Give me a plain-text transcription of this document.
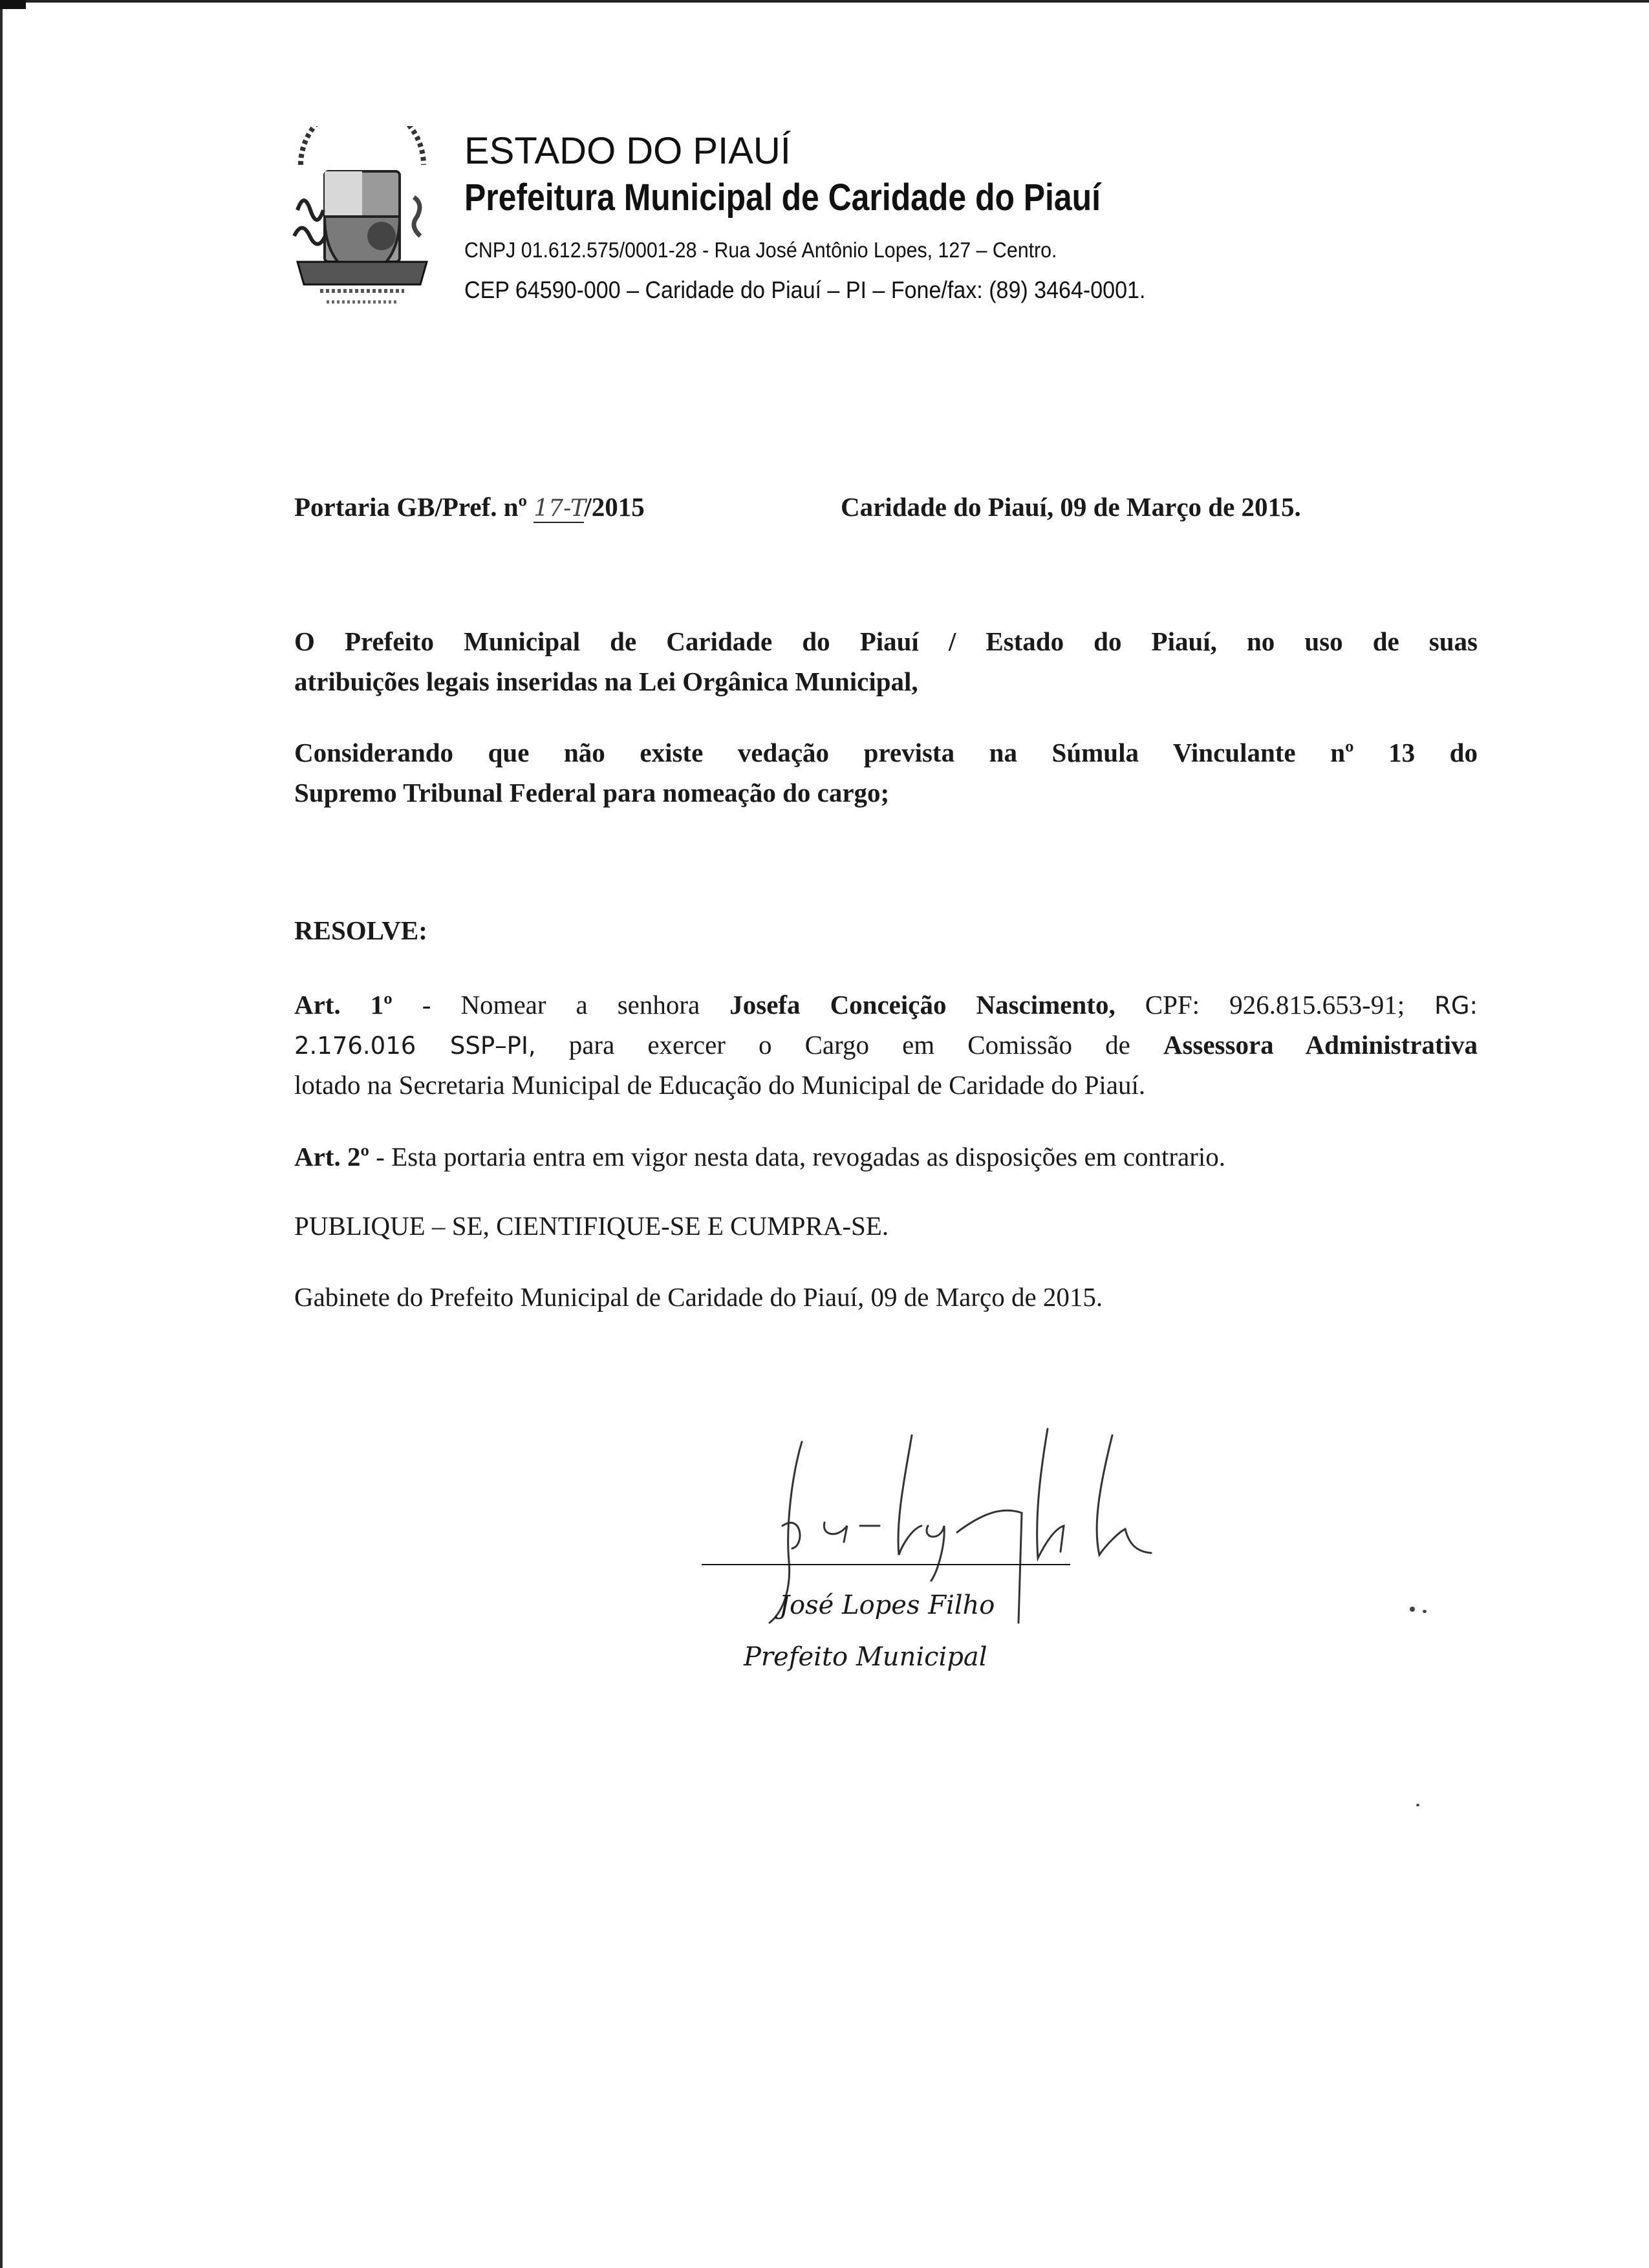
ESTADO DO PIAUÍ
Prefeitura Municipal de Caridade do Piauí
CNPJ 01.612.575/0001-28 - Rua José Antônio Lopes, 127 – Centro.
CEP 64590-000 – Caridade do Piauí – PI – Fone/fax: (89) 3464-0001.
Portaria GB/Pref. nº 17-T/2015	Caridade do Piauí, 09 de Março de 2015.
O Prefeito Municipal de Caridade do Piauí / Estado do Piauí, no uso de suas
atribuições legais inseridas na Lei Orgânica Municipal,
Considerando que não existe vedação prevista na Súmula Vinculante nº 13 do
Supremo Tribunal Federal para nomeação do cargo;
RESOLVE:
Art. 1º - Nomear a senhora Josefa Conceição Nascimento, CPF: 926.815.653-91; RG:
2.176.016 SSP–PI, para exercer o Cargo em Comissão de Assessora Administrativa
lotado na Secretaria Municipal de Educação do Municipal de Caridade do Piauí.
Art. 2º - Esta portaria entra em vigor nesta data, revogadas as disposições em contrario.
PUBLIQUE – SE, CIENTIFIQUE-SE E CUMPRA-SE.
Gabinete do Prefeito Municipal de Caridade do Piauí, 09 de Março de 2015.
José Lopes Filho
Prefeito Municipal
